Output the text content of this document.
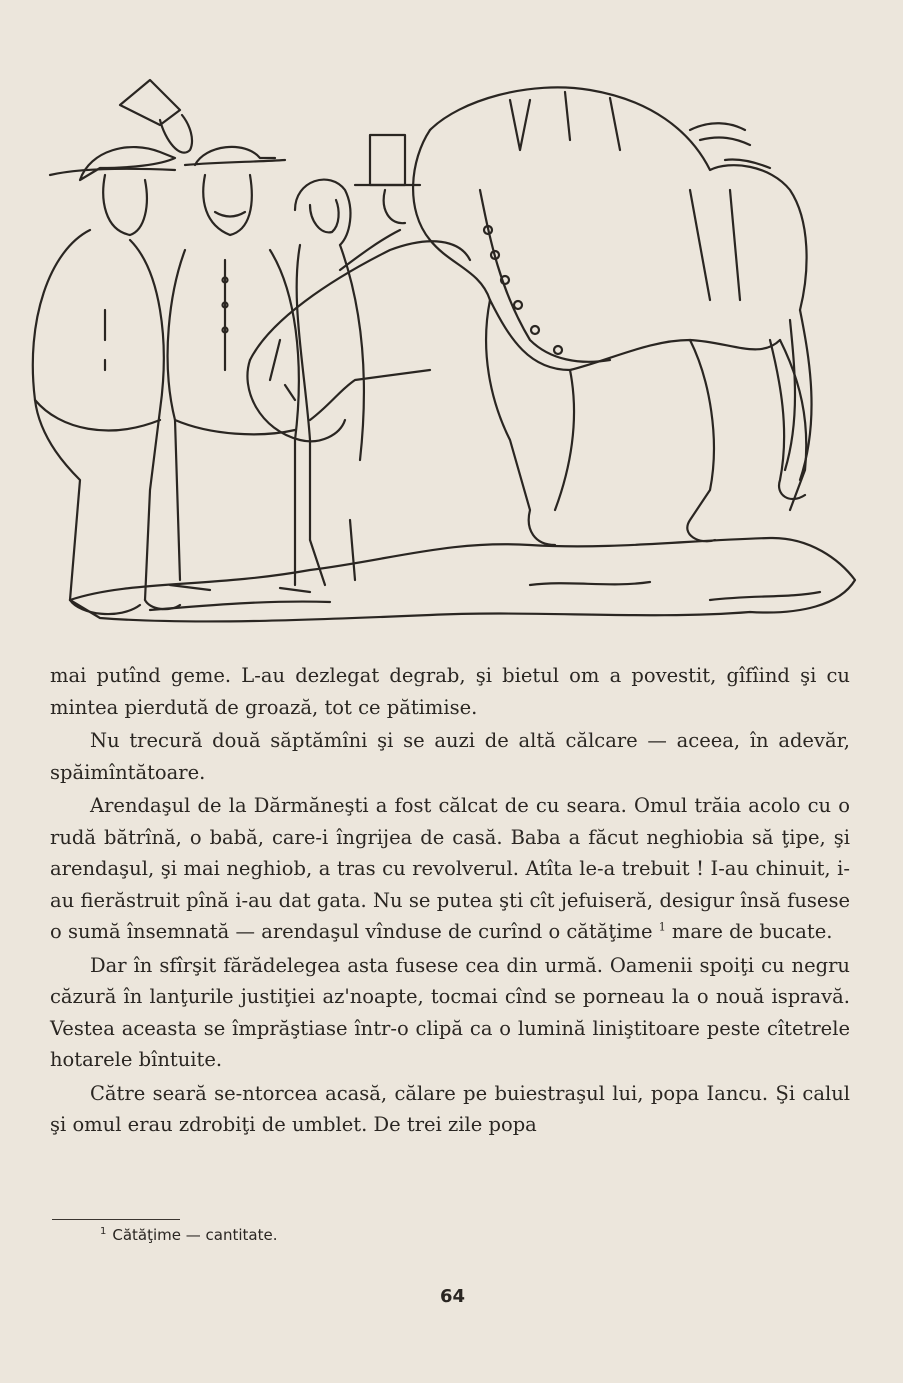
mai putînd geme. L-au dezlegat degrab, şi bietul om a povestit, gîfîind şi cu mintea pierdută de groază, tot ce pătimise.

Nu trecură două săptămîni şi se auzi de altă călcare — aceea, în adevăr, spăimîntătoare.

Arendaşul de la Dărmăneşti a fost călcat de cu seara. Omul trăia acolo cu o rudă bătrînă, o babă, care-i îngrijea de casă. Baba a făcut neghiobia să ţipe, şi arendaşul, şi mai neghiob, a tras cu revolverul. Atîta le-a trebuit ! I-au chinuit, i-au fierăstruit pînă i-au dat gata. Nu se putea şti cît jefuiseră, desigur însă fusese o sumă însemnată — arendaşul vînduse de curînd o cătăţime $^1$ mare de bucate.

Dar în sfîrşit fărădelegea asta fusese cea din urmă. Oamenii spoiţi cu negru căzură în lanţurile justiţiei az'noapte, tocmai cînd se porneau la o nouă ispravă. Vestea aceasta se împrăştiase într-o clipă ca o lumină liniştitoare peste cîtetrele hotarele bîntuite.

Către seară se-ntorcea acasă, călare pe buiestraşul lui, popa Iancu. Şi calul şi omul erau zdrobiţi de umblet. De trei zile popa

$^1$ Cătăţime — cantitate.
64
